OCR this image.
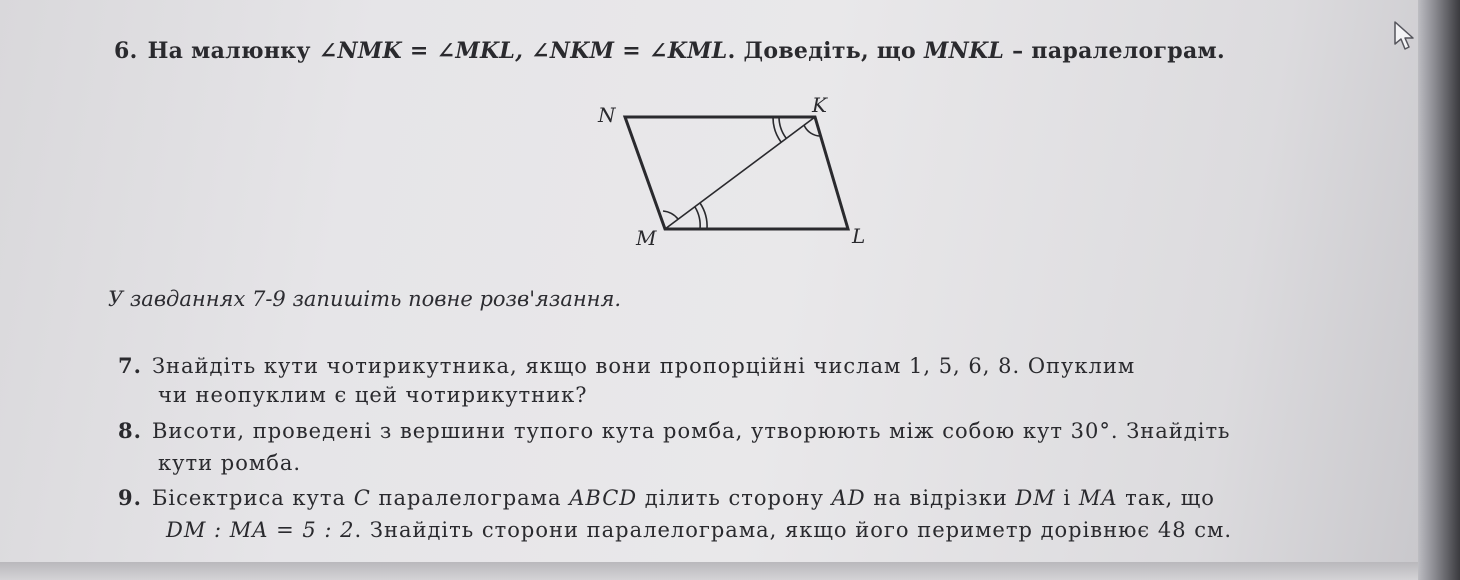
6. На малюнку ∠NMK = ∠MKL, ∠NKM = ∠KML. Доведіть, що MNKL – паралелограм.
N	K
M	L
У завданнях 7-9 запишіть повне розв'язання.
7. Знайдіть кути чотирикутника, якщо вони пропорційні числам 1, 5, 6, 8. Опуклим
чи неопуклим є цей чотирикутник?
8. Висоти, проведені з вершини тупого кута ромба, утворюють між собою кут 30°. Знайдіть
кути ромба.
9. Бісектриса кута C паралелограма ABCD ділить сторону AD на відрізки DM і MA так, що
DM : MA = 5 : 2. Знайдіть сторони паралелограма, якщо його периметр дорівнює 48 см.
